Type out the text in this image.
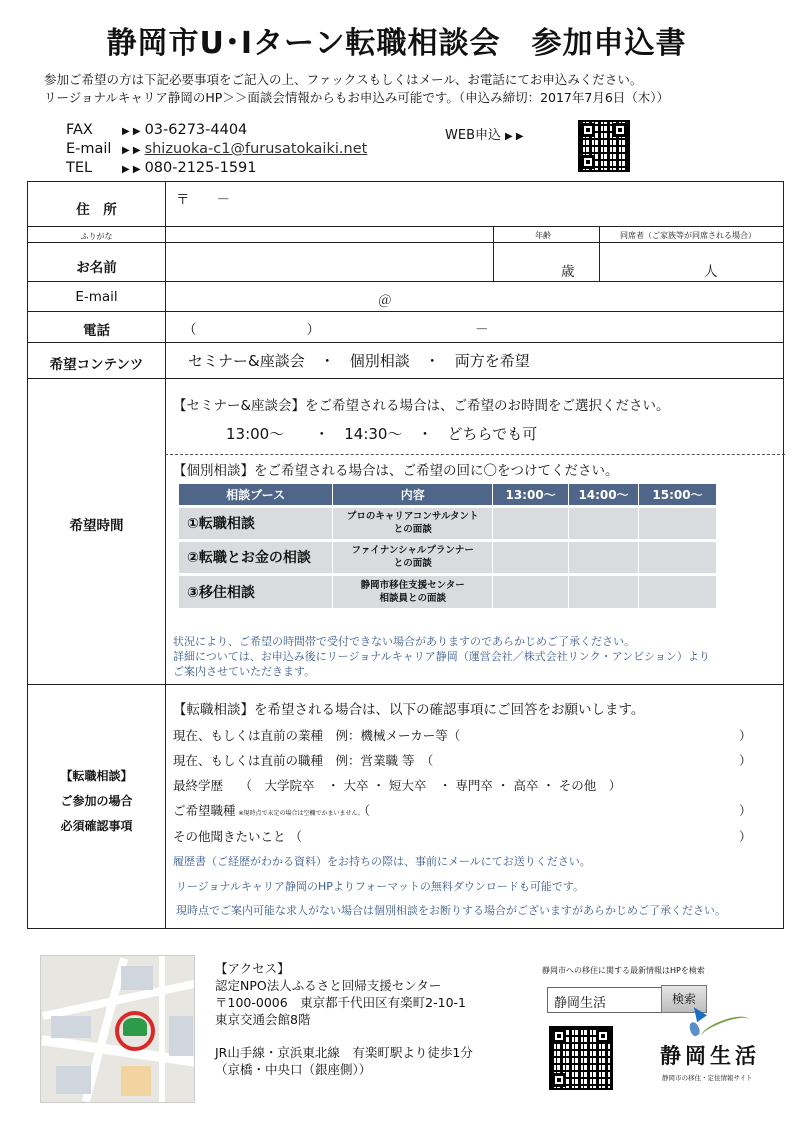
静岡市U･Iターン転職相談会　参加申込書
参加ご希望の方は下記必要事項をご記入の上、ファックスもしくはメール、お電話にてお申込みください。
リージョナルキャリア静岡のHP＞＞面談会情報からもお申込み可能です。（申込み締切：2017年7月6日（木））
FAX	▶ ▶ 03-6273-4404
E-mail ▶ ▶ shizuoka-c1@furusatokaiki.net
TEL	▶ ▶ 080-2125-1591
WEB申込 ▶ ▶
住　所
〒　　－
ふりがな	年齢	同席者（ご家族等が同席される場合）
お名前	歳	人
E-mail	＠
電話	（	）	－
希望コンテンツ	セミナー&座談会　・　個別相談　・　両方を希望
希望時間
【セミナー&座談会】をご希望される場合は、ご希望のお時間をご選択ください。
13:00～　　・　14:30～　・　どちらでも可
【個別相談】をご希望される場合は、ご希望の回に〇をつけてください。
相談ブース	内容	13:00～	14:00～	15:00～
①転職相談	プロのキャリアコンサルタント
との面談			
②転職とお金の相談	ファイナンシャルプランナー
との面談			
③移住相談	静岡市移住支援センター
相談員との面談			
状況により、ご希望の時間帯で受付できない場合がありますのであらかじめご了承ください。
詳細については、お申込み後にリージョナルキャリア静岡（運営会社／株式会社リンク・アンビション）より
ご案内させていただきます。
【転職相談】
ご参加の場合
必須確認事項
【転職相談】を希望される場合は、以下の確認事項にご回答をお願いします。
現在、もしくは直前の業種　例：機械メーカー等（	）
現在、もしくは直前の職種　例：営業職 等　（	）
最終学歴　 （　大学院卒　・ 大卒 ・ 短大卒　・ 専門卒 ・ 高卒 ・ その他　）
ご希望職種 ※現時点で未定の場合は空欄でかまいません。（	）
その他聞きたいこと （	）
履歴書（ご経歴がわかる資料）をお持ちの際は、事前にメールにてお送りください。
リージョナルキャリア静岡のHPよりフォーマットの無料ダウンロードも可能です。
現時点でご案内可能な求人がない場合は個別相談をお断りする場合がございますがあらかじめご了承ください。
【アクセス】
認定NPO法人ふるさと回帰支援センター
〒100-0006　東京都千代田区有楽町2-10-1
東京交通会館8階
JR山手線・京浜東北線　有楽町駅より徒歩1分
（京橋・中央口（銀座側））
静岡市への移住に関する最新情報はHPを検索
静岡生活	検索
静岡生活
静岡市の移住・定住情報サイト
